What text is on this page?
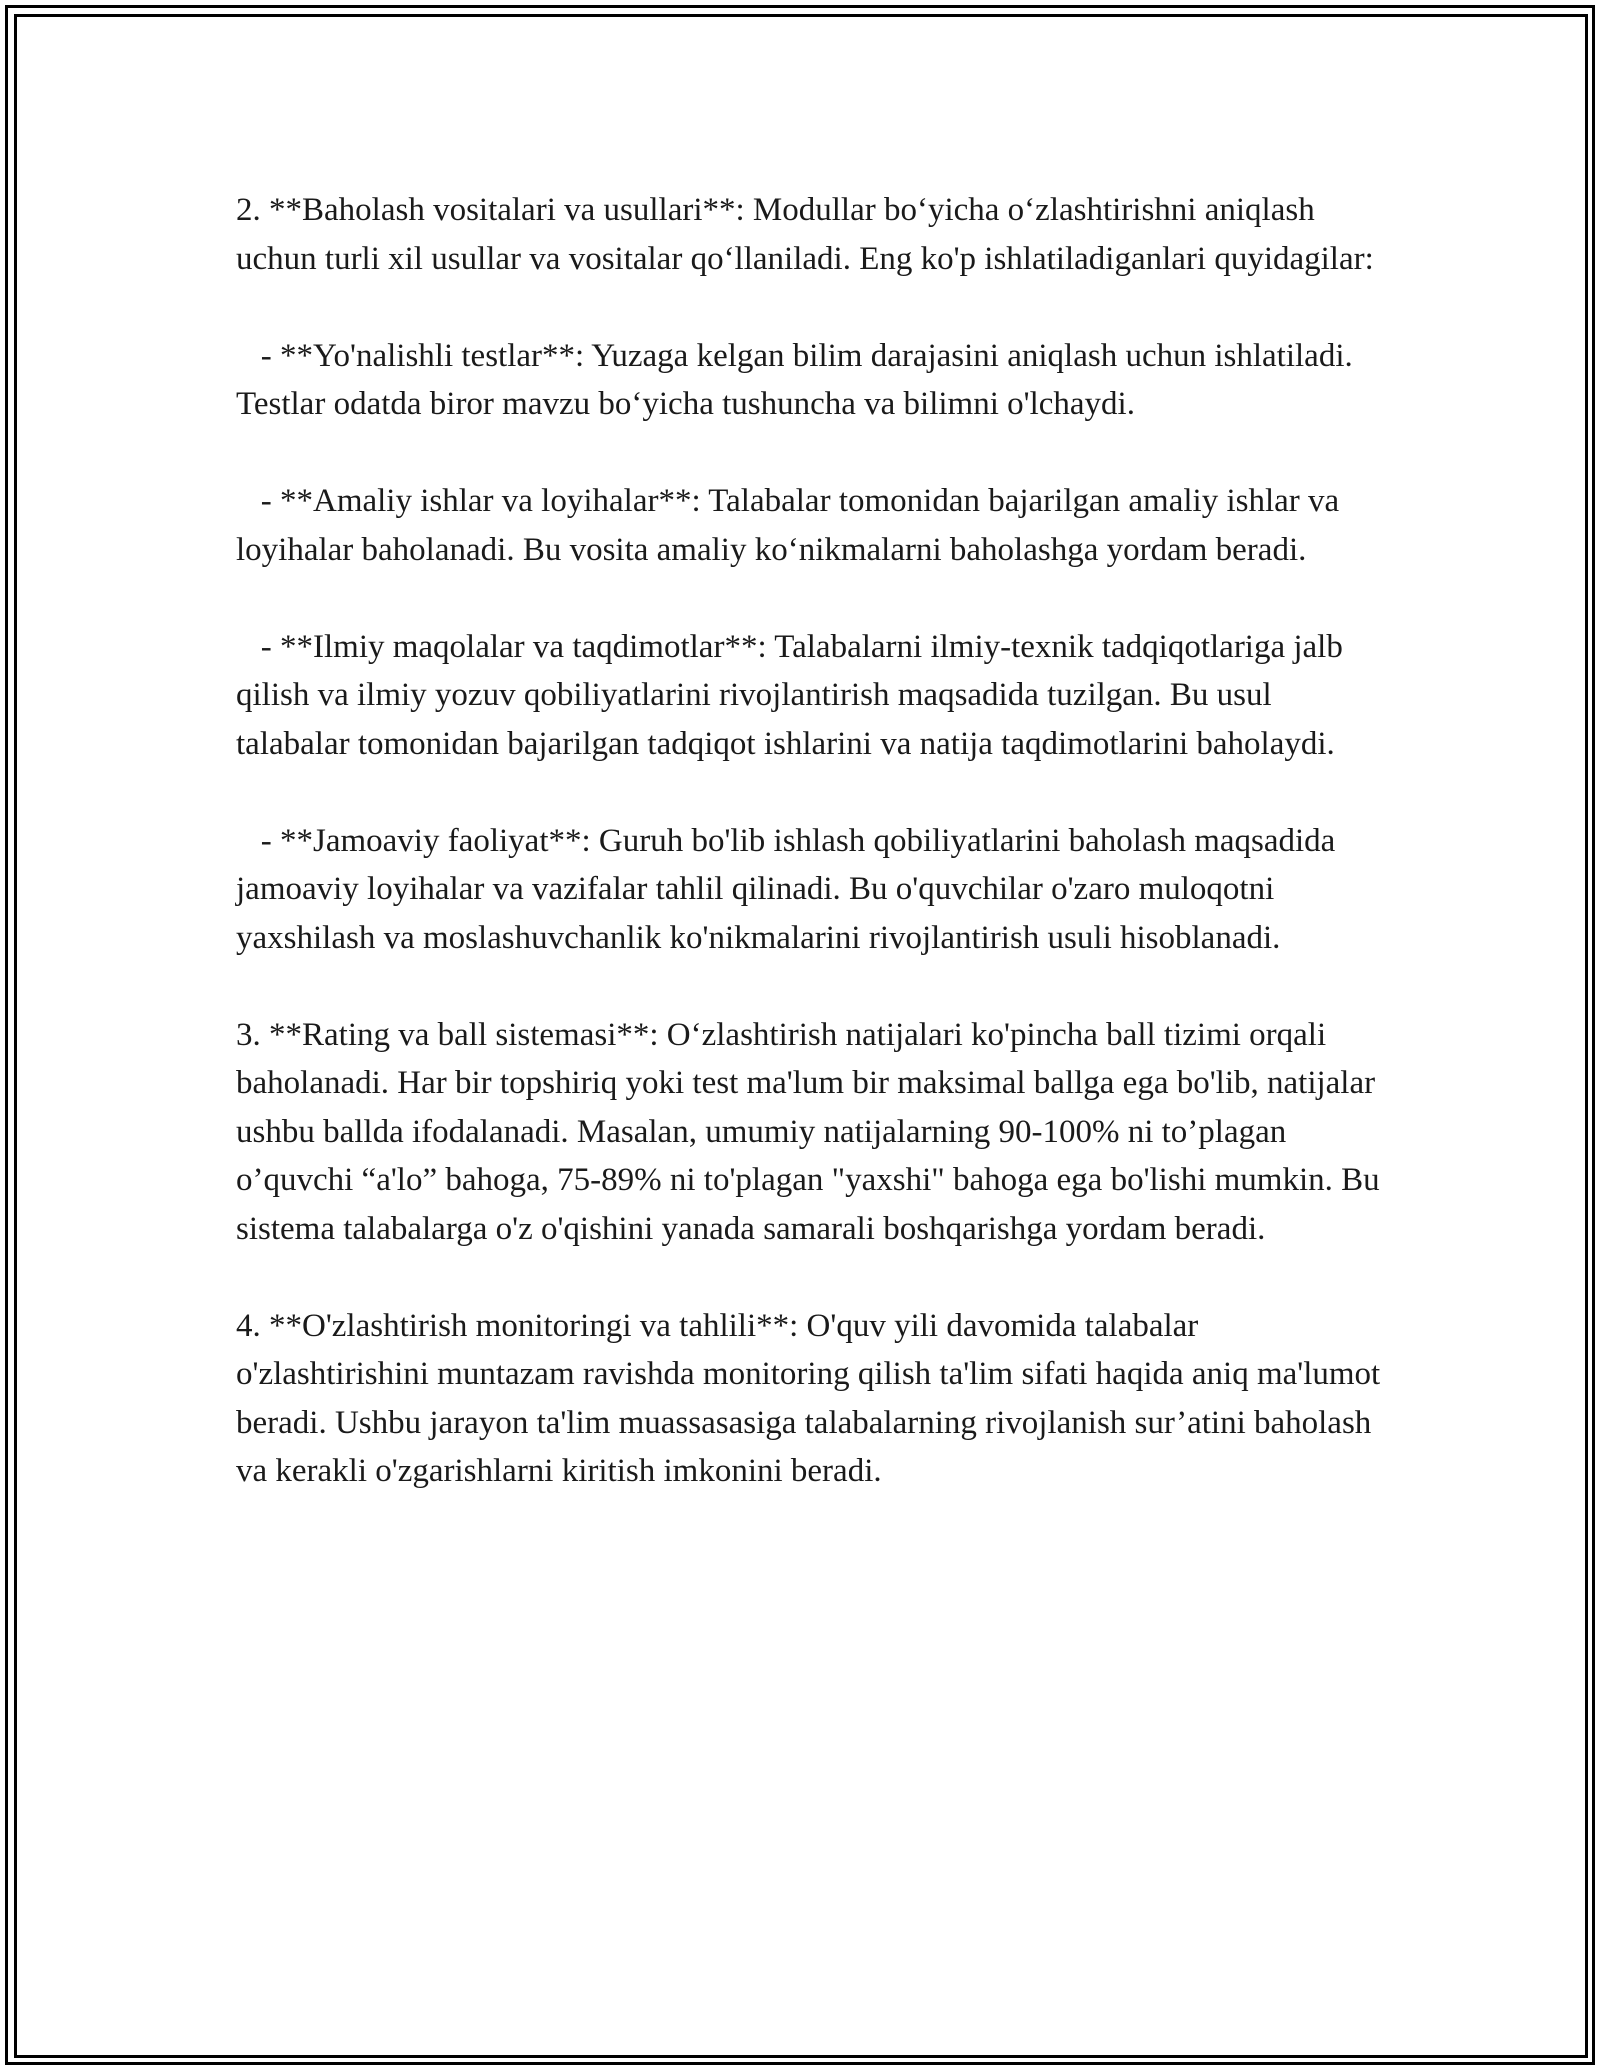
2. **Baholash vositalari va usullari**: Modullar bo‘yicha o‘zlashtirishni aniqlash uchun turli xil usullar va vositalar qo‘llaniladi. Eng ko'p ishlatiladiganlari quyidagilar:

- **Yo'nalishli testlar**: Yuzaga kelgan bilim darajasini aniqlash uchun ishlatiladi. Testlar odatda biror mavzu bo‘yicha tushuncha va bilimni o'lchaydi.

- **Amaliy ishlar va loyihalar**: Talabalar tomonidan bajarilgan amaliy ishlar va loyihalar baholanadi. Bu vosita amaliy ko‘nikmalarni baholashga yordam beradi.

- **Ilmiy maqolalar va taqdimotlar**: Talabalarni ilmiy-texnik tadqiqotlariga jalb qilish va ilmiy yozuv qobiliyatlarini rivojlantirish maqsadida tuzilgan. Bu usul talabalar tomonidan bajarilgan tadqiqot ishlarini va natija taqdimotlarini baholaydi.

- **Jamoaviy faoliyat**: Guruh bo'lib ishlash qobiliyatlarini baholash maqsadida jamoaviy loyihalar va vazifalar tahlil qilinadi. Bu o'quvchilar o'zaro muloqotni yaxshilash va moslashuvchanlik ko'nikmalarini rivojlantirish usuli hisoblanadi.

3. **Rating va ball sistemasi**: O‘zlashtirish natijalari ko'pincha ball tizimi orqali baholanadi. Har bir topshiriq yoki test ma'lum bir maksimal ballga ega bo'lib, natijalar ushbu ballda ifodalanadi. Masalan, umumiy natijalarning 90-100% ni to’plagan o’quvchi “a'lo” bahoga, 75-89% ni to'plagan "yaxshi" bahoga ega bo'lishi mumkin. Bu sistema talabalarga o'z o'qishini yanada samarali boshqarishga yordam beradi.

4. **O'zlashtirish monitoringi va tahlili**: O'quv yili davomida talabalar o'zlashtirishini muntazam ravishda monitoring qilish ta'lim sifati haqida aniq ma'lumot beradi. Ushbu jarayon ta'lim muassasasiga talabalarning rivojlanish sur’atini baholash va kerakli o'zgarishlarni kiritish imkonini beradi.
